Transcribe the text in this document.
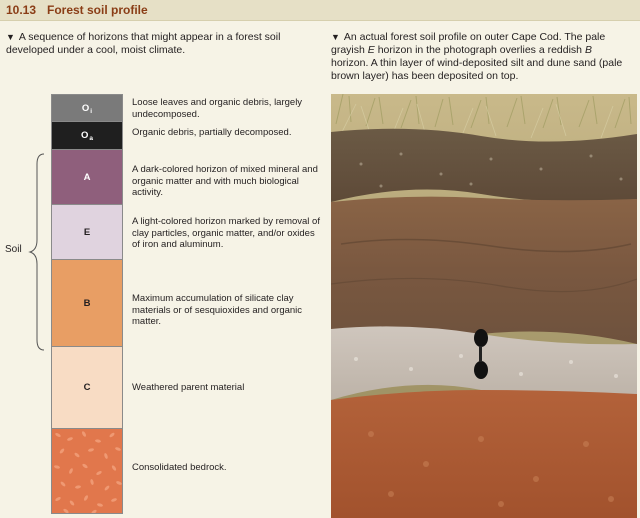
10.13 Forest soil profile
▼ A sequence of horizons that might appear in a forest soil developed under a cool, moist climate.
▼ An actual forest soil profile on outer Cape Cod. The pale grayish E horizon in the photograph overlies a reddish B horizon. A thin layer of wind-deposited silt and dune sand (pale brown layer) has been deposited on top.
O i
O a
A
E
B
C
Loose leaves and organic debris, largely undecomposed.
Organic debris, partially decomposed.
A dark-colored horizon of mixed mineral and organic matter and with much biological activity.
A light-colored horizon marked by removal of clay particles, organic matter, and/or oxides of iron and aluminum.
Maximum accumulation of silicate clay materials or of sesquioxides and organic matter.
Weathered parent material
Consolidated bedrock.
Soil
